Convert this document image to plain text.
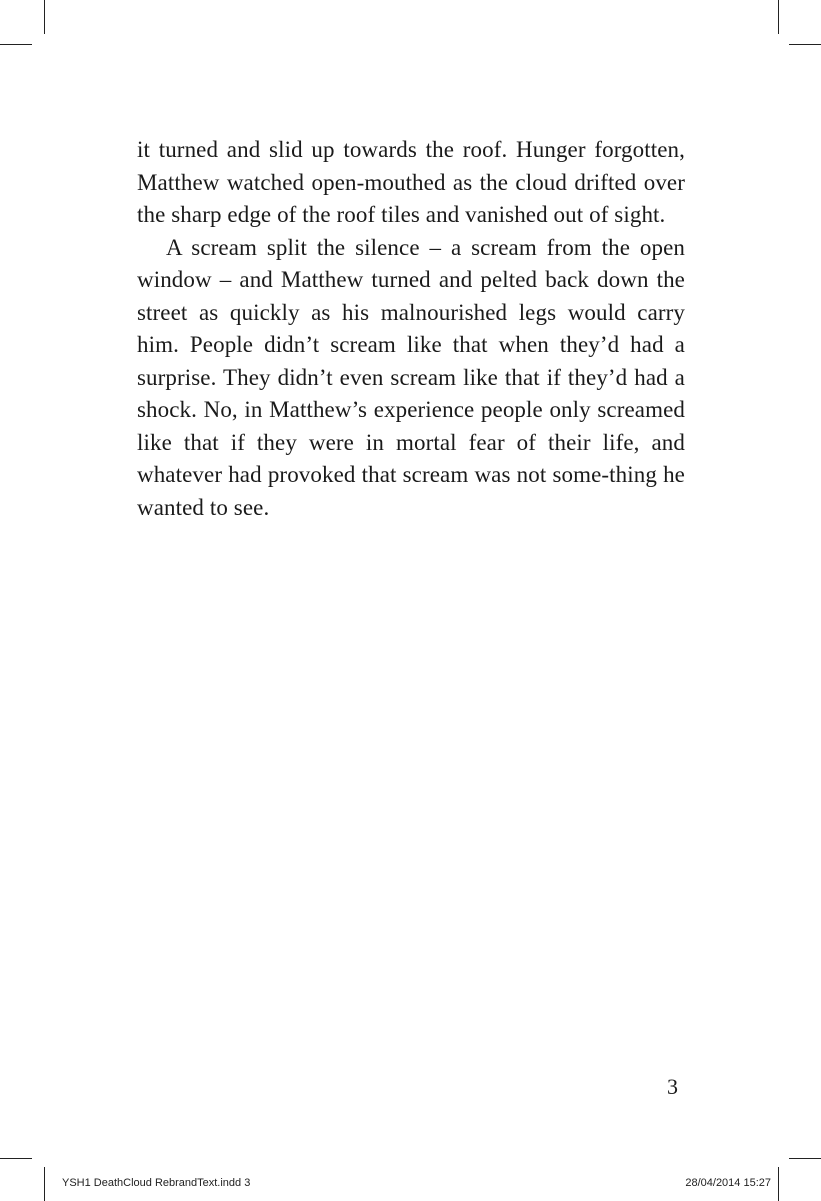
it turned and slid up towards the roof. Hunger forgotten, Matthew watched open-mouthed as the cloud drifted over the sharp edge of the roof tiles and vanished out of sight.

A scream split the silence – a scream from the open window – and Matthew turned and pelted back down the street as quickly as his malnourished legs would carry him. People didn’t scream like that when they’d had a surprise. They didn’t even scream like that if they’d had a shock. No, in Matthew’s experience people only screamed like that if they were in mortal fear of their life, and whatever had provoked that scream was not some-thing he wanted to see.

3
YSH1 DeathCloud RebrandText.indd 3	28/04/2014 15:27
